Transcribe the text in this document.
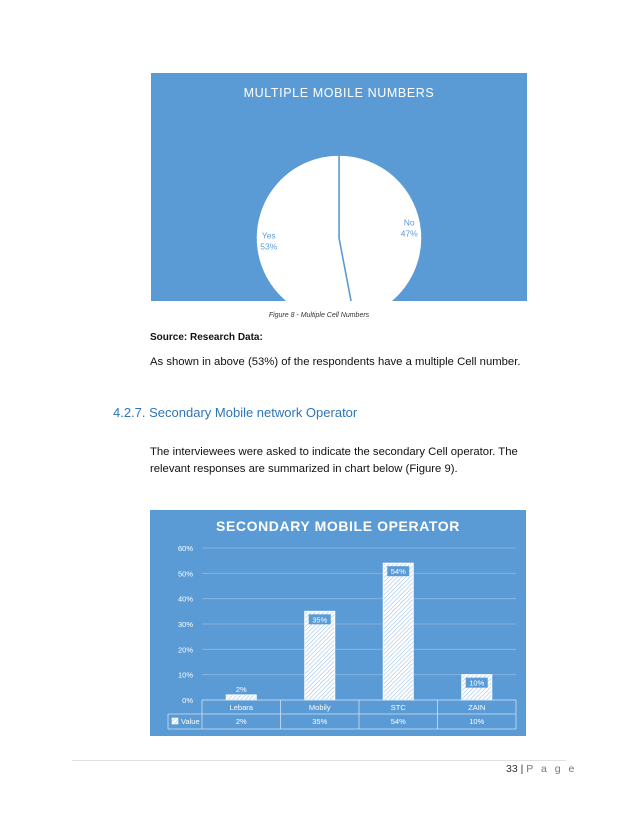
MULTIPLE MOBILE NUMBERS
No 47%
Yes 53%
Figure 8 - Multiple Cell Numbers
Source: Research Data:
As shown in above (53%) of the respondents have a multiple Cell number.
4.2.7. Secondary Mobile network Operator
The interviewees were asked to indicate the secondary Cell operator. The relevant responses are summarized in chart below (Figure 9).
SECONDARY MOBILE OPERATOR
0%
10%
20%
30%
40%
50%
60%
2%
35%
54%
10%
Lebara
2%
Mobily
35%
STC
54%
ZAIN
10%
Value
33 | P a g e
